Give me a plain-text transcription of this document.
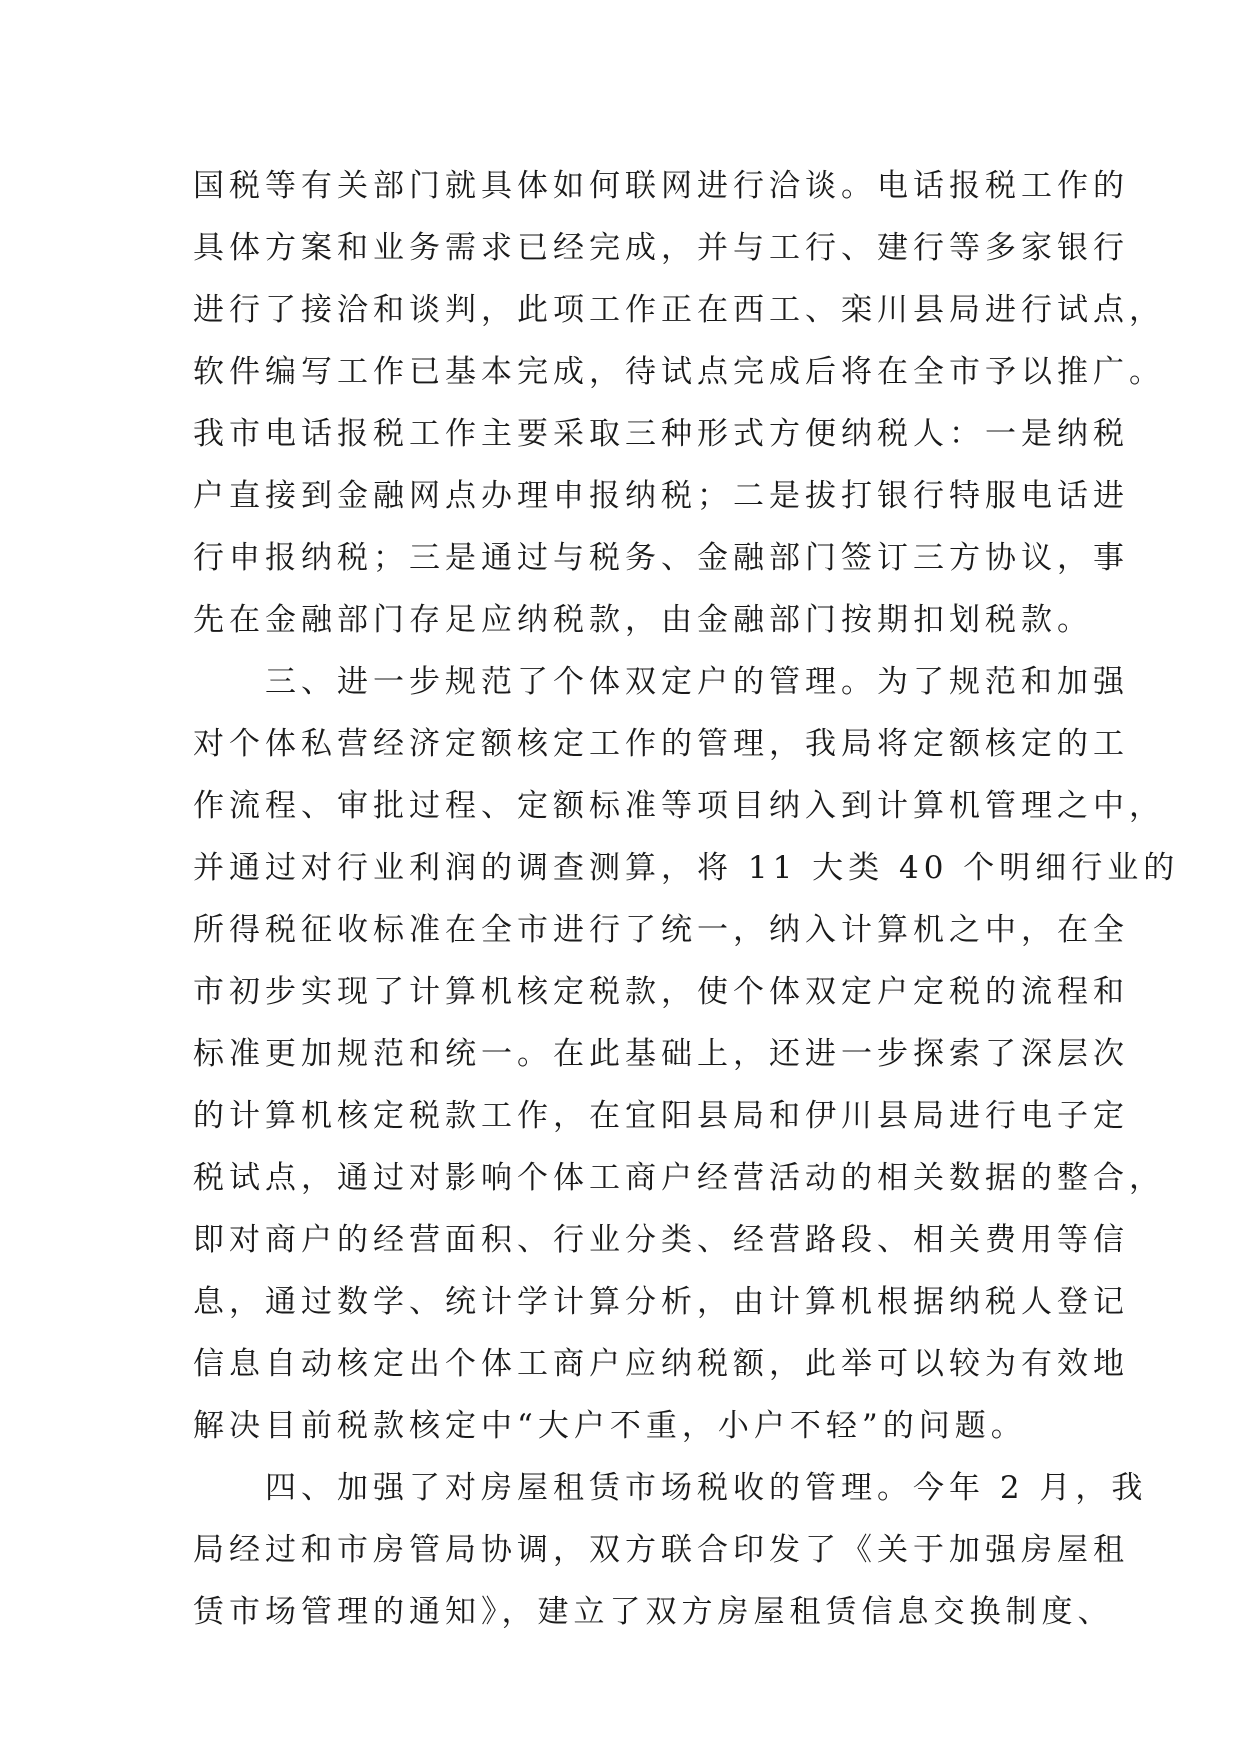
国税等有关部门就具体如何联网进行洽谈。电话报税工作的
具体方案和业务需求已经完成，并与工行、建行等多家银行
进行了接洽和谈判，此项工作正在西工、栾川县局进行试点，
软件编写工作已基本完成，待试点完成后将在全市予以推广。
我市电话报税工作主要采取三种形式方便纳税人：一是纳税
户直接到金融网点办理申报纳税；二是拔打银行特服电话进
行申报纳税；三是通过与税务、金融部门签订三方协议，事
先在金融部门存足应纳税款，由金融部门按期扣划税款。
　　三、进一步规范了个体双定户的管理。为了规范和加强
对个体私营经济定额核定工作的管理，我局将定额核定的工
作流程、审批过程、定额标准等项目纳入到计算机管理之中，
并通过对行业利润的调查测算，将 11 大类 40 个明细行业的
所得税征收标准在全市进行了统一，纳入计算机之中，在全
市初步实现了计算机核定税款，使个体双定户定税的流程和
标准更加规范和统一。在此基础上，还进一步探索了深层次
的计算机核定税款工作，在宜阳县局和伊川县局进行电子定
税试点，通过对影响个体工商户经营活动的相关数据的整合，
即对商户的经营面积、行业分类、经营路段、相关费用等信
息，通过数学、统计学计算分析，由计算机根据纳税人登记
信息自动核定出个体工商户应纳税额，此举可以较为有效地
解决目前税款核定中“大户不重，小户不轻”的问题。
　　四、加强了对房屋租赁市场税收的管理。今年 2 月，我
局经过和市房管局协调，双方联合印发了《关于加强房屋租
赁市场管理的通知》，建立了双方房屋租赁信息交换制度、
